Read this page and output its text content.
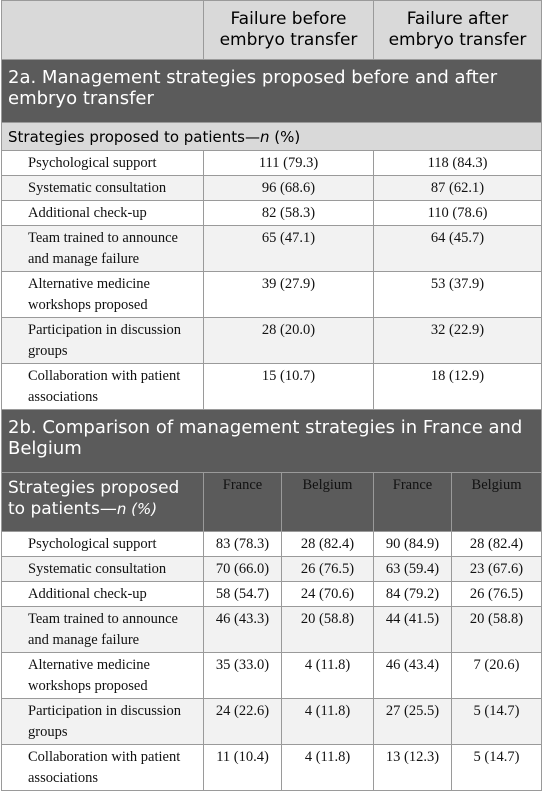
	Failure before embryo transfer		Failure after embryo transfer	
2a. Management strategies proposed before and after embryo transfer				
Strategies proposed to patients—n (%)				
Psychological support	111 (79.3)		118 (84.3)	
Systematic consultation	96 (68.6)		87 (62.1)	
Additional check-up	82 (58.3)		110 (78.6)	
Team trained to announce and manage failure	65 (47.1)		64 (45.7)	
Alternative medicine workshops proposed	39 (27.9)		53 (37.9)	
Participation in discussion groups	28 (20.0)		32 (22.9)	
Collaboration with patient associations	15 (10.7)		18 (12.9)	
2b. Comparison of management strategies in France and Belgium				
Strategies proposed to patients—n (%)	France	Belgium	France	Belgium
Psychological support	83 (78.3)	28 (82.4)	90 (84.9)	28 (82.4)
Systematic consultation	70 (66.0)	26 (76.5)	63 (59.4)	23 (67.6)
Additional check-up	58 (54.7)	24 (70.6)	84 (79.2)	26 (76.5)
Team trained to announce and manage failure	46 (43.3)	20 (58.8)	44 (41.5)	20 (58.8)
Alternative medicine workshops proposed	35 (33.0)	4 (11.8)	46 (43.4)	7 (20.6)
Participation in discussion groups	24 (22.6)	4 (11.8)	27 (25.5)	5 (14.7)
Collaboration with patient associations	11 (10.4)	4 (11.8)	13 (12.3)	5 (14.7)
